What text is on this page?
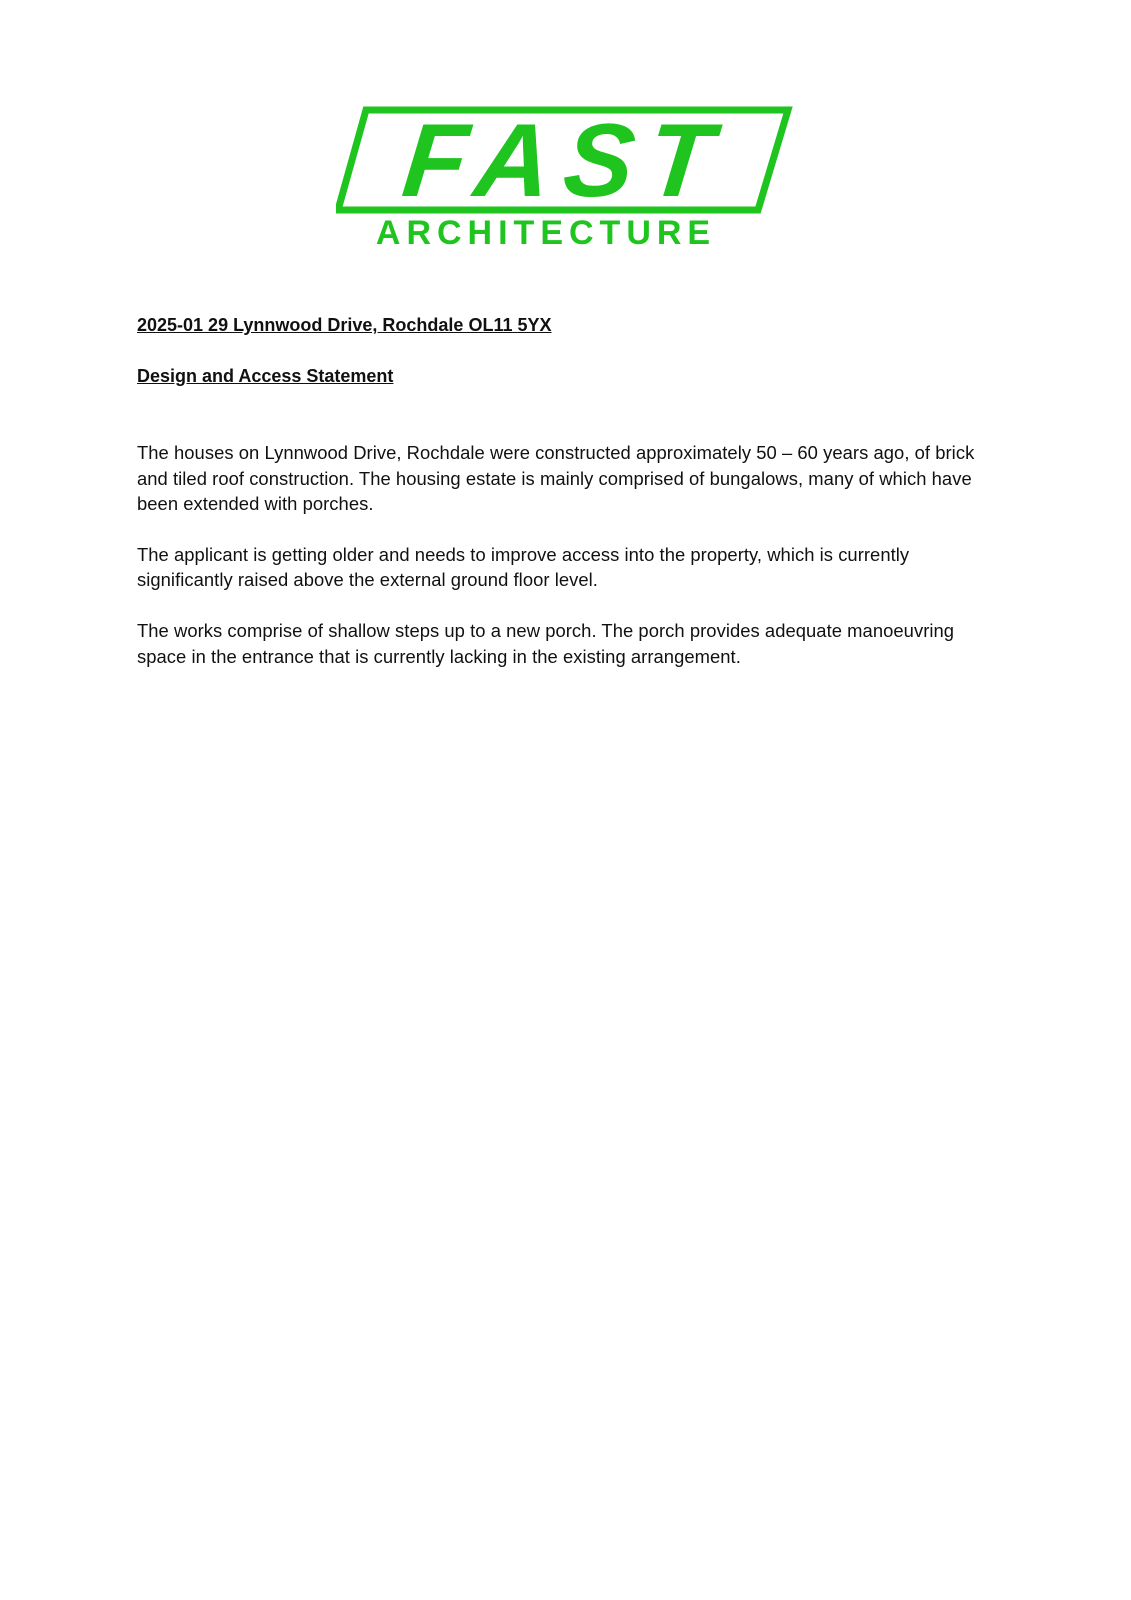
FAST
ARCHITECTURE

2025-01 29 Lynnwood Drive, Rochdale OL11 5YX

Design and Access Statement

The houses on Lynnwood Drive, Rochdale were constructed approximately 50 – 60 years ago, of brick and tiled roof construction. The housing estate is mainly comprised of bungalows, many of which have been extended with porches.

The applicant is getting older and needs to improve access into the property, which is currently significantly raised above the external ground floor level.

The works comprise of shallow steps up to a new porch. The porch provides adequate manoeuvring space in the entrance that is currently lacking in the existing arrangement.
